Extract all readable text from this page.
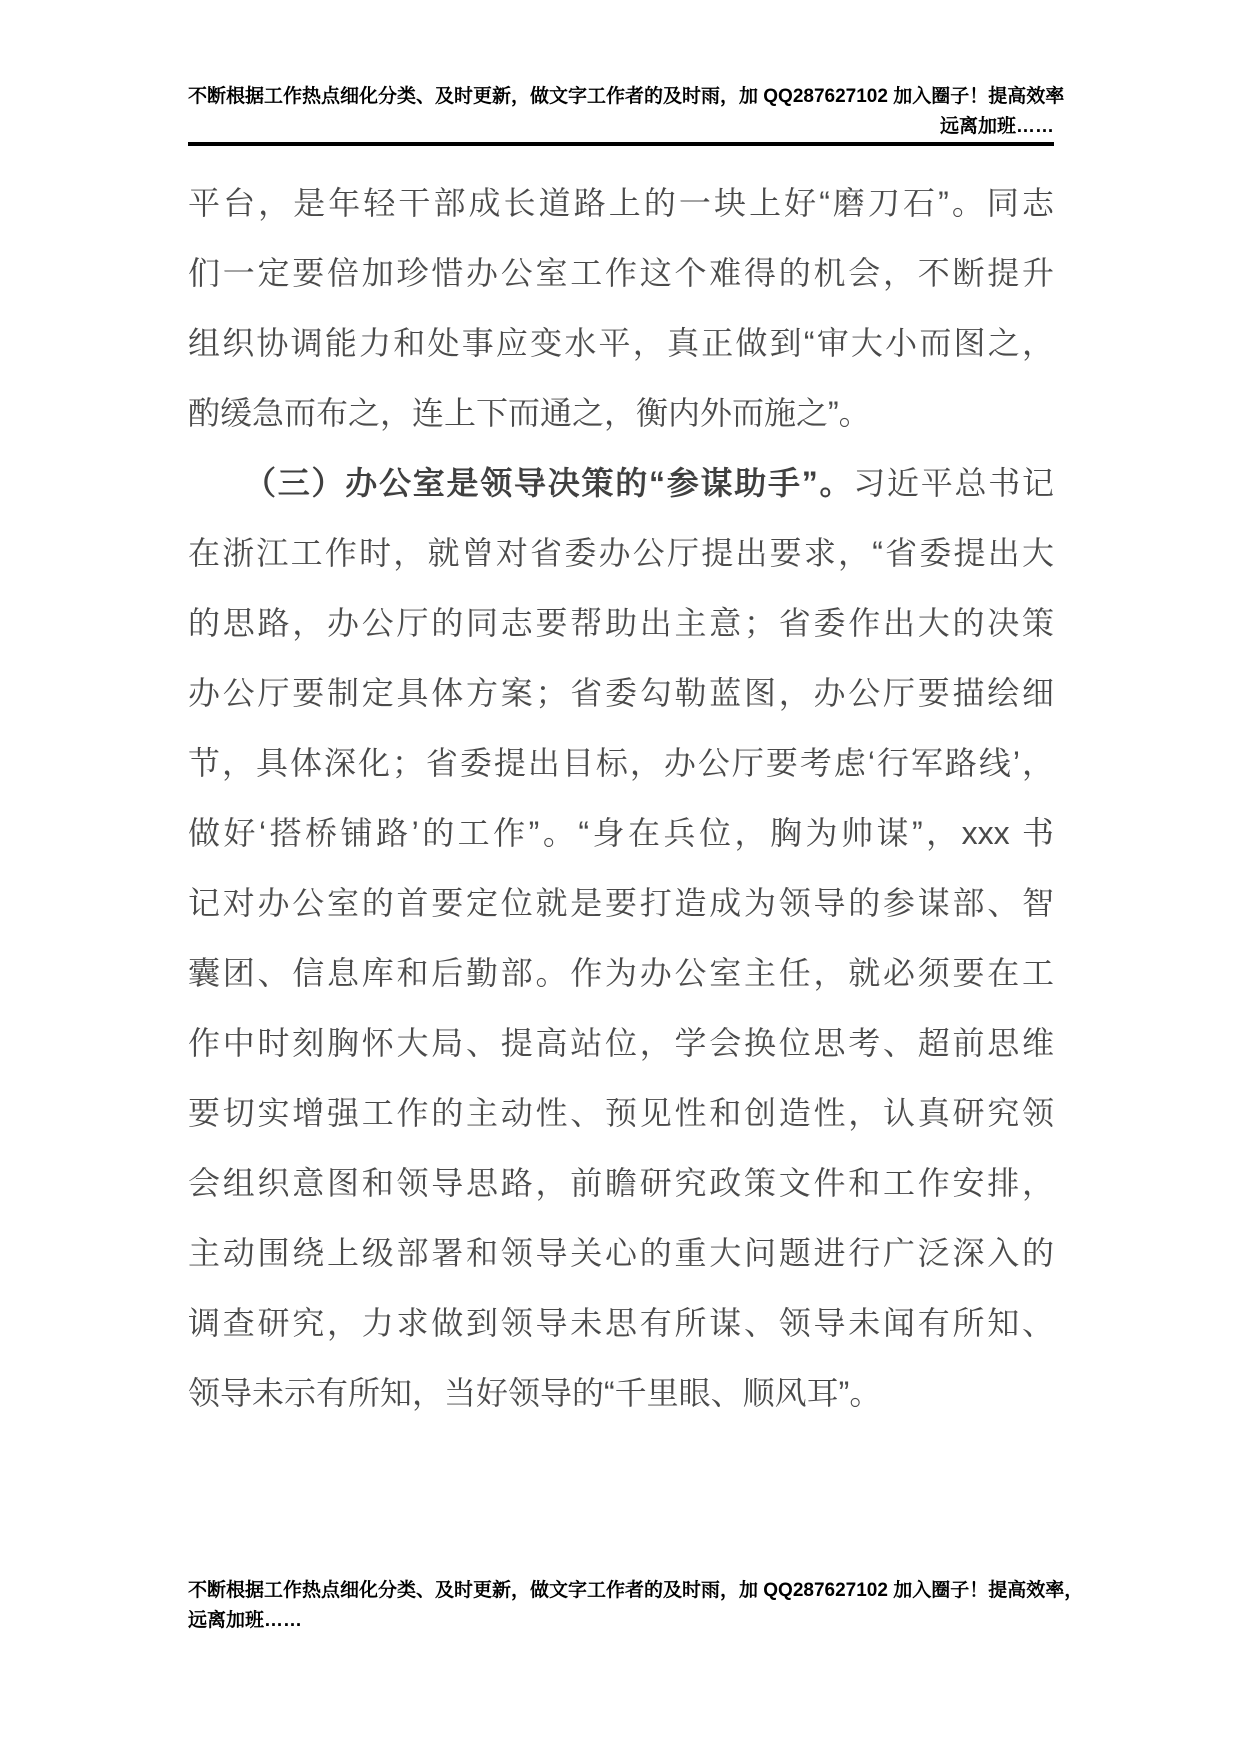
不断根据工作热点细化分类、及时更新，做文字工作者的及时雨，加 QQ287627102 加入圈子！提高效率
远离加班……
平台，是年轻干部成长道路上的一块上好“磨刀石”。同志
们一定要倍加珍惜办公室工作这个难得的机会，不断提升
组织协调能力和处事应变水平，真正做到“审大小而图之，
酌缓急而布之，连上下而通之，衡内外而施之”。
（三）办公室是领导决策的“参谋助手”。习近平总书记
在浙江工作时，就曾对省委办公厅提出要求，“省委提出大
的思路，办公厅的同志要帮助出主意；省委作出大的决策
办公厅要制定具体方案；省委勾勒蓝图，办公厅要描绘细
节，具体深化；省委提出目标，办公厅要考虑‘行军路线’，
做好‘搭桥铺路’的工作”。“身在兵位，胸为帅谋”，xxx 书
记对办公室的首要定位就是要打造成为领导的参谋部、智
囊团、信息库和后勤部。作为办公室主任，就必须要在工
作中时刻胸怀大局、提高站位，学会换位思考、超前思维
要切实增强工作的主动性、预见性和创造性，认真研究领
会组织意图和领导思路，前瞻研究政策文件和工作安排，
主动围绕上级部署和领导关心的重大问题进行广泛深入的
调查研究，力求做到领导未思有所谋、领导未闻有所知、
领导未示有所知，当好领导的“千里眼、顺风耳”。
不断根据工作热点细化分类、及时更新，做文字工作者的及时雨，加 QQ287627102 加入圈子！提高效率，
远离加班……
